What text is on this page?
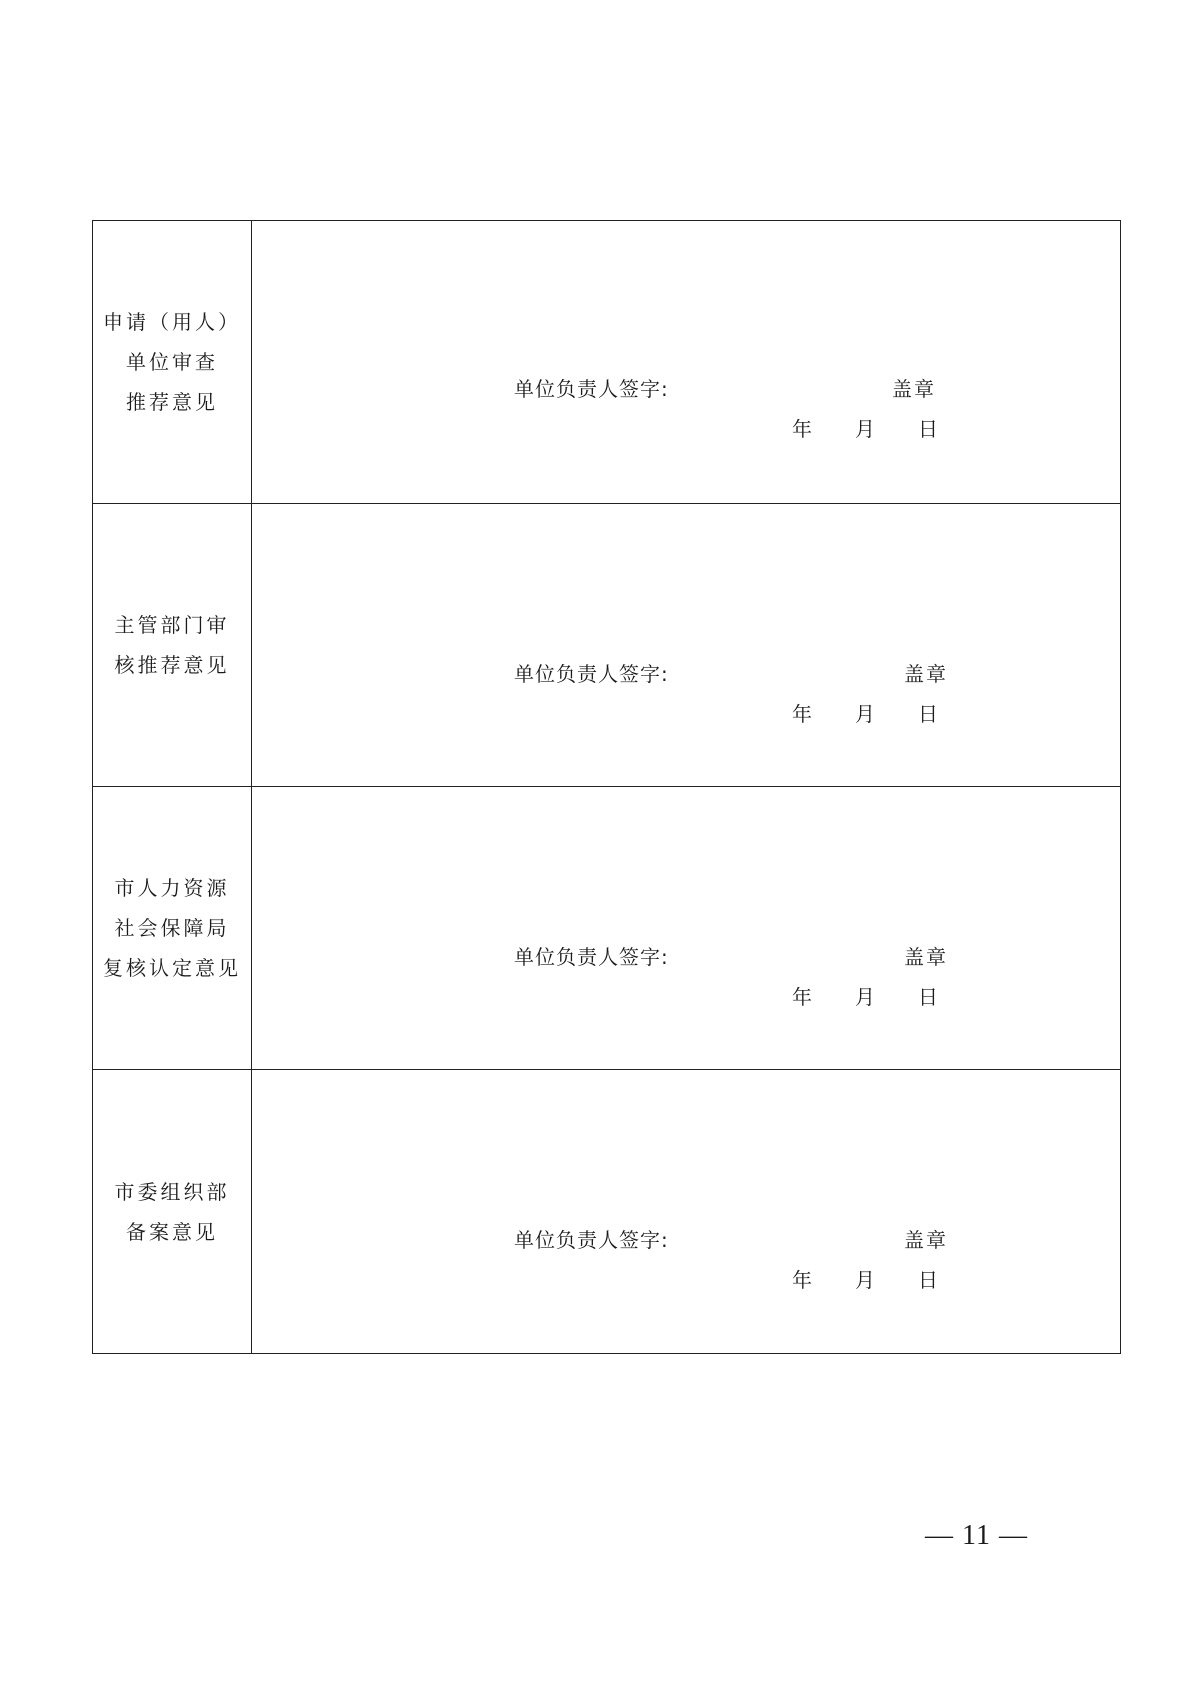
申请（用人）
单位审查
推荐意见
单位负责人签字:	盖章
年 月 日
主管部门审
核推荐意见	单位负责人签字:	盖章
年 月 日
市人力资源
社会保障局
复核认定意见	单位负责人签字:	盖章
年 月 日
市委组织部
备案意见	单位负责人签字:	盖章
年 月 日
— 11 —
